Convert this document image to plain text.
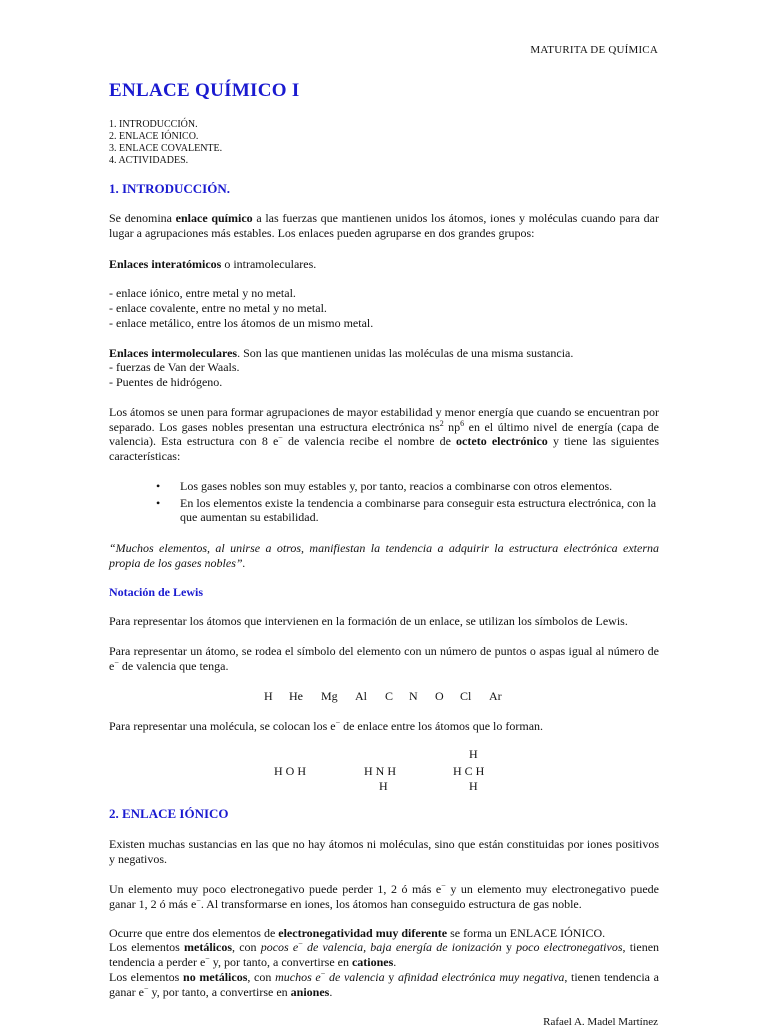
MATURITA DE QUÍMICA
ENLACE QUÍMICO I
1. INTRODUCCIÓN.
2. ENLACE IÓNICO.
3. ENLACE COVALENTE.
4. ACTIVIDADES.
1. INTRODUCCIÓN.
Se denomina enlace químico a las fuerzas que mantienen unidos los átomos, iones y moléculas cuando para dar lugar a agrupaciones más estables. Los enlaces pueden agruparse en dos grandes grupos:
Enlaces interatómicos o intramoleculares.
- enlace iónico, entre metal y no metal.
- enlace covalente, entre no metal y no metal.
- enlace metálico, entre los átomos de un mismo metal.
Enlaces intermoleculares. Son las que mantienen unidas las moléculas de una misma sustancia.
- fuerzas de Van der Waals.
- Puentes de hidrógeno.
Los átomos se unen para formar agrupaciones de mayor estabilidad y menor energía que cuando se encuentran por separado. Los gases nobles presentan una estructura electrónica $ns^2$ $np^6$ en el último nivel de energía (capa de valencia). Esta estructura con 8 e− de valencia recibe el nombre de octeto electrónico y tiene las siguientes características:
• Los gases nobles son muy estables y, por tanto, reacios a combinarse con otros elementos.
• En los elementos existe la tendencia a combinarse para conseguir esta estructura electrónica, con la que aumentan su estabilidad.
“Muchos elementos, al unirse a otros, manifiestan la tendencia a adquirir la estructura electrónica externa propia de los gases nobles”.
Notación de Lewis
Para representar los átomos que intervienen en la formación de un enlace, se utilizan los símbolos de Lewis.
Para representar un átomo, se rodea el símbolo del elemento con un número de puntos o aspas igual al número de e− de valencia que tenga.
H He Mg Al C N O Cl Ar
Para representar una molécula, se colocan los e− de enlace entre los átomos que lo forman.
H O H	H N H
H
H
H C H
H
2. ENLACE IÓNICO
Existen muchas sustancias en las que no hay átomos ni moléculas, sino que están constituidas por iones positivos y negativos.
Un elemento muy poco electronegativo puede perder 1, 2 ó más e− y un elemento muy electronegativo puede ganar 1, 2 ó más e−. Al transformarse en iones, los átomos han conseguido estructura de gas noble.
Ocurre que entre dos elementos de electronegatividad muy diferente se forma un ENLACE IÓNICO.
Los elementos metálicos, con pocos e− de valencia, baja energía de ionización y poco electronegativos, tienen tendencia a perder e− y, por tanto, a convertirse en cationes.
Los elementos no metálicos, con muchos e− de valencia y afinidad electrónica muy negativa, tienen tendencia a ganar e− y, por tanto, a convertirse en aniones.
Rafael A. Madel Martínez
